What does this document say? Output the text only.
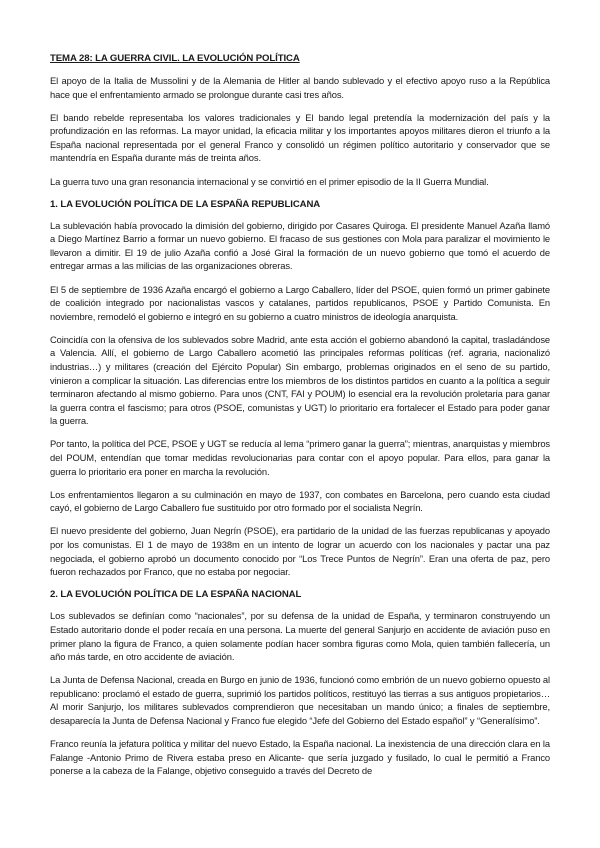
TEMA 28: LA GUERRA CIVIL. LA EVOLUCIÓN POLÍTICA

El apoyo de la Italia de Mussolini y de la Alemania de Hitler al bando sublevado y el efectivo apoyo ruso a la República hace que el enfrentamiento armado se prolongue durante casi tres años.

El bando rebelde representaba los valores tradicionales y El bando legal pretendía la modernización del país y la profundización en las reformas. La mayor unidad, la eficacia militar y los importantes apoyos militares dieron el triunfo a la España nacional representada por el general Franco y consolidó un régimen político autoritario y conservador que se mantendría en España durante más de treinta años.

La guerra tuvo una gran resonancia internacional y se convirtió en el primer episodio de la II Guerra Mundial.

1. LA EVOLUCIÓN POLÍTICA DE LA ESPAÑA REPUBLICANA

La sublevación había provocado la dimisión del gobierno, dirigido por Casares Quiroga. El presidente Manuel Azaña llamó a Diego Martínez Barrio a formar un nuevo gobierno. El fracaso de sus gestiones con Mola para paralizar el movimiento le llevaron a dimitir. El 19 de julio Azaña confió a José Giral la formación de un nuevo gobierno que tomó el acuerdo de entregar armas a las milicias de las organizaciones obreras.

El 5 de septiembre de 1936 Azaña encargó el gobierno a Largo Caballero, líder del PSOE, quien formó un primer gabinete de coalición integrado por nacionalistas vascos y catalanes, partidos republicanos, PSOE y Partido Comunista. En noviembre, remodeló el gobierno e integró en su gobierno a cuatro ministros de ideología anarquista.

Coincidía con la ofensiva de los sublevados sobre Madrid, ante esta acción el gobierno abandonó la capital, trasladándose a Valencia. Allí, el gobierno de Largo Caballero acometió las principales reformas políticas (ref. agraria, nacionalizó industrias…) y militares (creación del Ejército Popular) Sin embargo, problemas originados en el seno de su partido, vinieron a complicar la situación. Las diferencias entre los miembros de los distintos partidos en cuanto a la política a seguir terminaron afectando al mismo gobierno. Para unos (CNT, FAI y POUM) lo esencial era la revolución proletaria para ganar la guerra contra el fascismo; para otros (PSOE, comunistas y UGT) lo prioritario era fortalecer el Estado para poder ganar la guerra.

Por tanto, la política del PCE, PSOE y UGT se reducía al lema “primero ganar la guerra”; mientras, anarquistas y miembros del POUM, entendían que tomar medidas revolucionarias para contar con el apoyo popular. Para ellos, para ganar la guerra lo prioritario era poner en marcha la revolución.

Los enfrentamientos llegaron a su culminación en mayo de 1937, con combates en Barcelona, pero cuando esta ciudad cayó, el gobierno de Largo Caballero fue sustituido por otro formado por el socialista Negrín.

El nuevo presidente del gobierno, Juan Negrín (PSOE), era partidario de la unidad de las fuerzas republicanas y apoyado por los comunistas. El 1 de mayo de 1938m en un intento de lograr un acuerdo con los nacionales y pactar una paz negociada, el gobierno aprobó un documento conocido por “Los Trece Puntos de Negrín”. Eran una oferta de paz, pero fueron rechazados por Franco, que no estaba por negociar.

2. LA EVOLUCIÓN POLÍTICA DE LA ESPAÑA NACIONAL

Los sublevados se definían como “nacionales”, por su defensa de la unidad de España, y terminaron construyendo un Estado autoritario donde el poder recaía en una persona. La muerte del general Sanjurjo en accidente de aviación puso en primer plano la figura de Franco, a quien solamente podían hacer sombra figuras como Mola, quien también fallecería, un año más tarde, en otro accidente de aviación.

La Junta de Defensa Nacional, creada en Burgo en junio de 1936, funcionó como embrión de un nuevo gobierno opuesto al republicano: proclamó el estado de guerra, suprimió los partidos políticos, restituyó las tierras a sus antiguos propietarios… Al morir Sanjurjo, los militares sublevados comprendieron que necesitaban un mando único; a finales de septiembre, desaparecía la Junta de Defensa Nacional y Franco fue elegido “Jefe del Gobierno del Estado español” y “Generalísimo”.

Franco reunía la jefatura política y militar del nuevo Estado, la España nacional. La inexistencia de una dirección clara en la Falange -Antonio Primo de Rivera estaba preso en Alicante- que sería juzgado y fusilado, lo cual le permitió a Franco ponerse a la cabeza de la Falange, objetivo conseguido a través del Decreto de
